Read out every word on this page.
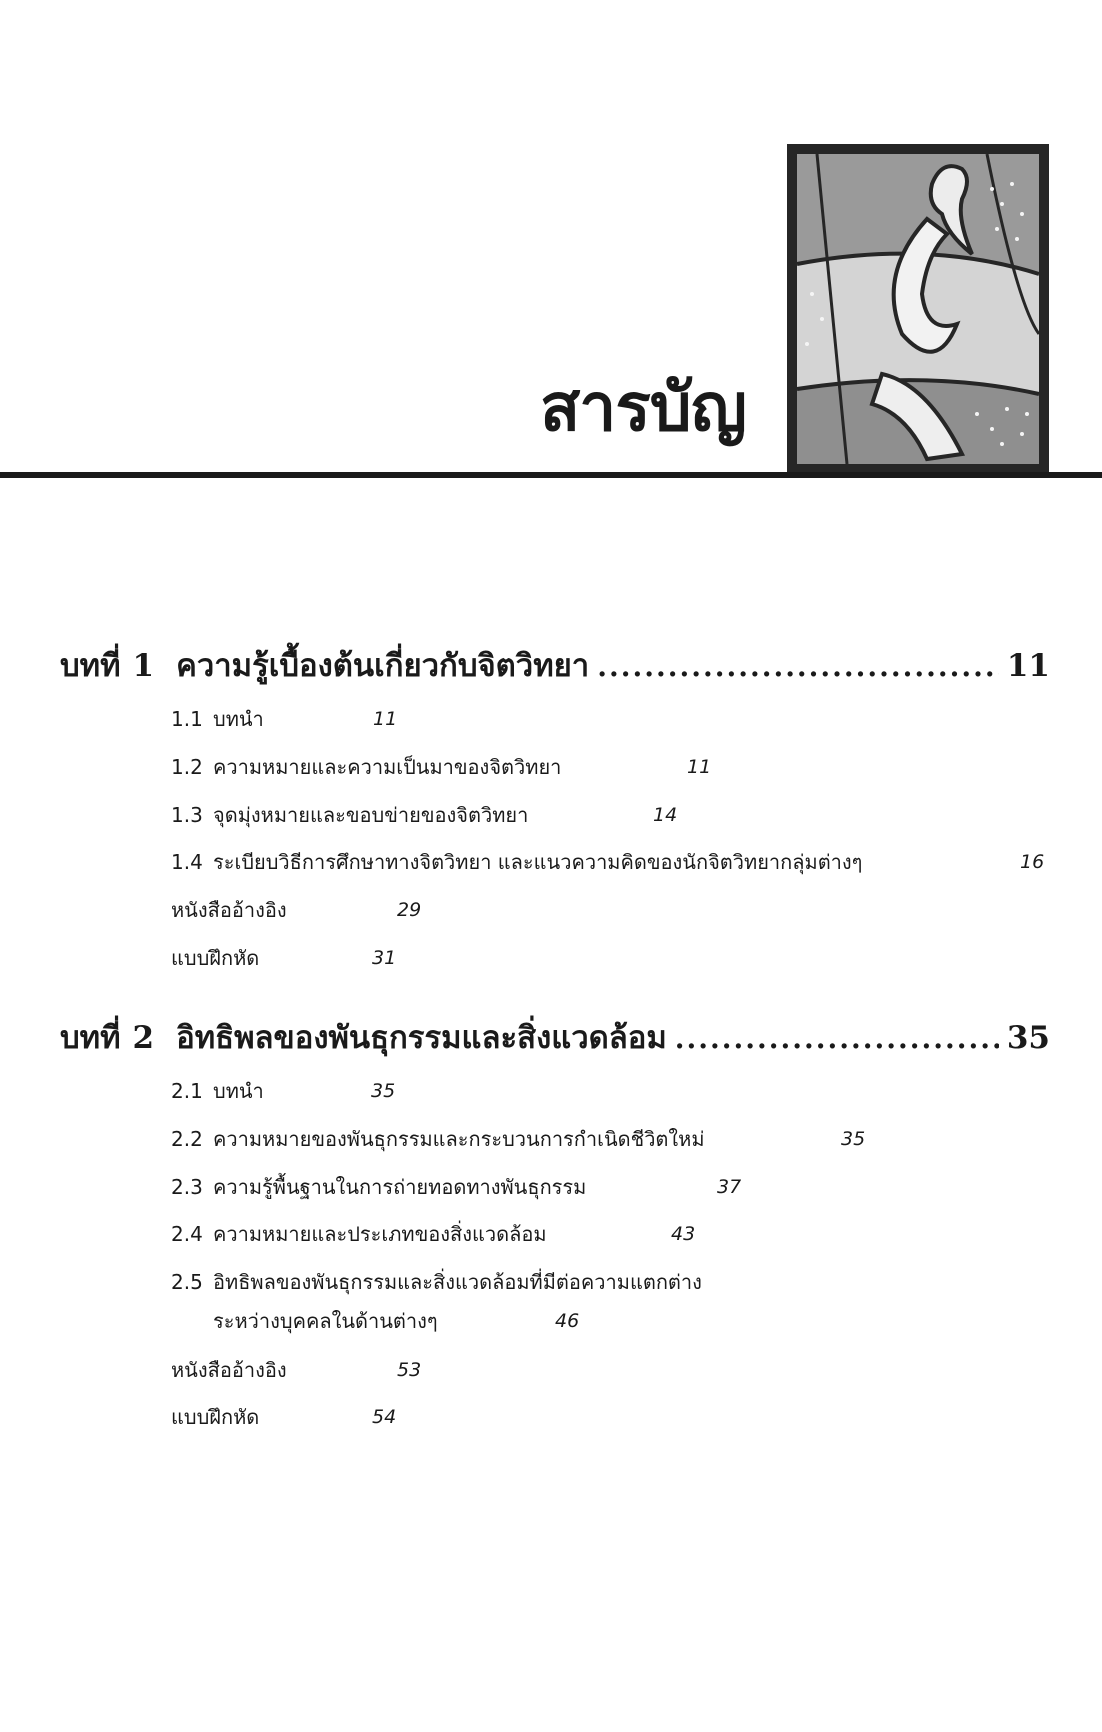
สารบัญ
บทที่ 1 ความรู้เบื้องต้นเกี่ยวกับจิตวิทยา .....	11
1.1 บทนำ	11
1.2 ความหมายและความเป็นมาของจิตวิทยา	11
1.3 จุดมุ่งหมายและขอบข่ายของจิตวิทยา	14
1.4 ระเบียบวิธีการศึกษาทางจิตวิทยา และแนวความคิดของนักจิตวิทยากลุ่มต่างๆ	16
หนังสืออ้างอิง	29
แบบฝึกหัด	31
บทที่ 2 อิทธิพลของพันธุกรรมและสิ่งแวดล้อม .....	35
2.1 บทนำ	35
2.2 ความหมายของพันธุกรรมและกระบวนการกำเนิดชีวิตใหม่	35
2.3 ความรู้พื้นฐานในการถ่ายทอดทางพันธุกรรม	37
2.4 ความหมายและประเภทของสิ่งแวดล้อม	43
2.5 อิทธิพลของพันธุกรรมและสิ่งแวดล้อมที่มีต่อความแตกต่าง
ระหว่างบุคคลในด้านต่างๆ	46
หนังสืออ้างอิง	53
แบบฝึกหัด	54
